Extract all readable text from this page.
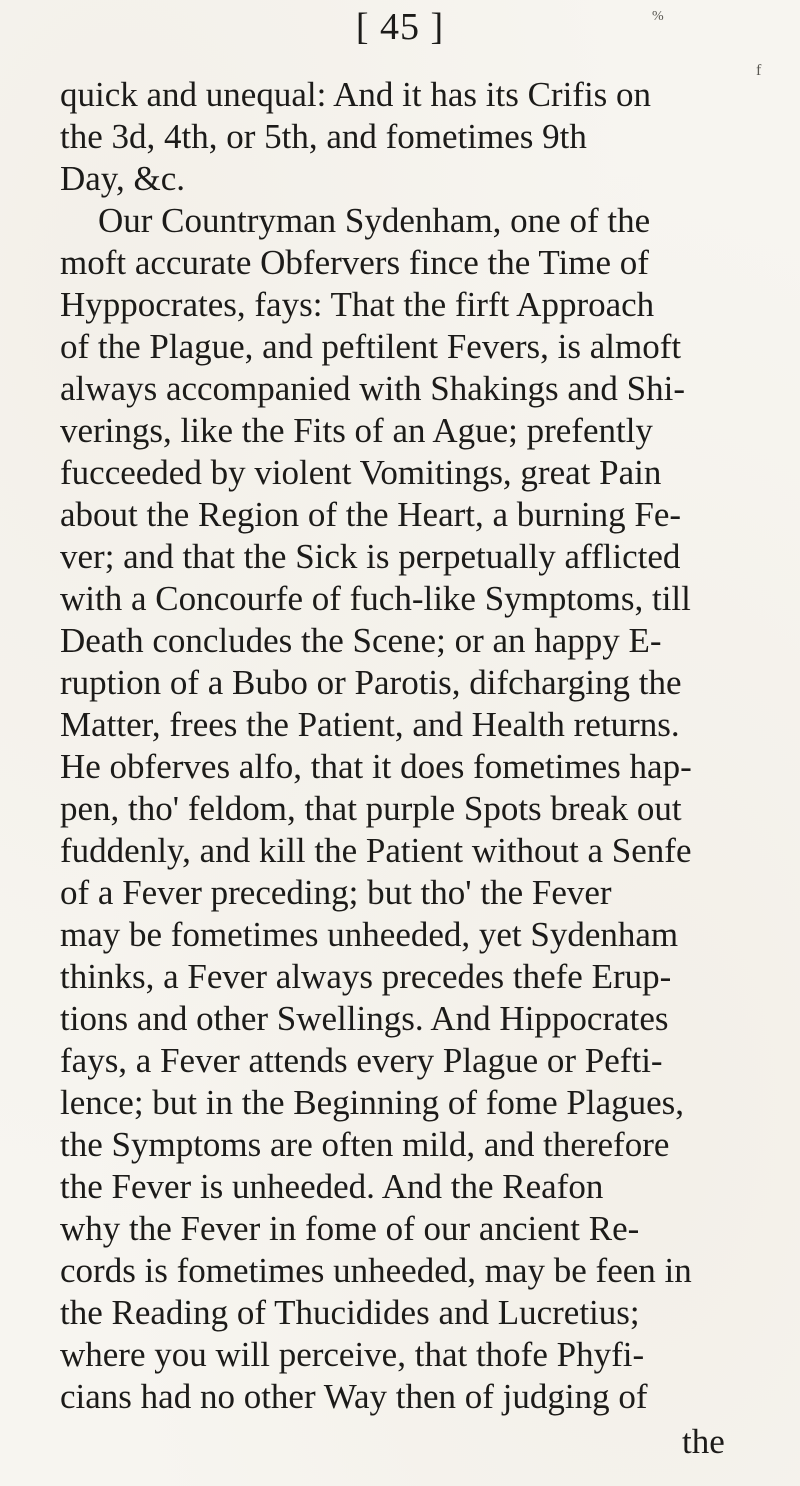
[ 45 ]	%
f
quick and unequal: And it has its Crifis on
the 3d, 4th, or 5th, and fometimes 9th
Day, &c.
Our Countryman Sydenham, one of the
moft accurate Obfervers fince the Time of
Hyppocrates, fays: That the firft Approach
of the Plague, and peftilent Fevers, is almoft
always accompanied with Shakings and Shi-
verings, like the Fits of an Ague; prefently
fucceeded by violent Vomitings, great Pain
about the Region of the Heart, a burning Fe-
ver; and that the Sick is perpetually afflicted
with a Concourfe of fuch-like Symptoms, till
Death concludes the Scene; or an happy E-
ruption of a Bubo or Parotis, difcharging the
Matter, frees the Patient, and Health returns.
He obferves alfo, that it does fometimes hap-
pen, tho' feldom, that purple Spots break out
fuddenly, and kill the Patient without a Senfe
of a Fever preceding; but tho' the Fever
may be fometimes unheeded, yet Sydenham
thinks, a Fever always precedes thefe Erup-
tions and other Swellings. And Hippocrates
fays, a Fever attends every Plague or Pefti-
lence; but in the Beginning of fome Plagues,
the Symptoms are often mild, and therefore
the Fever is unheeded. And the Reafon
why the Fever in fome of our ancient Re-
cords is fometimes unheeded, may be feen in
the Reading of Thucidides and Lucretius;
where you will perceive, that thofe Phyfi-
cians had no other Way then of judging of
the
